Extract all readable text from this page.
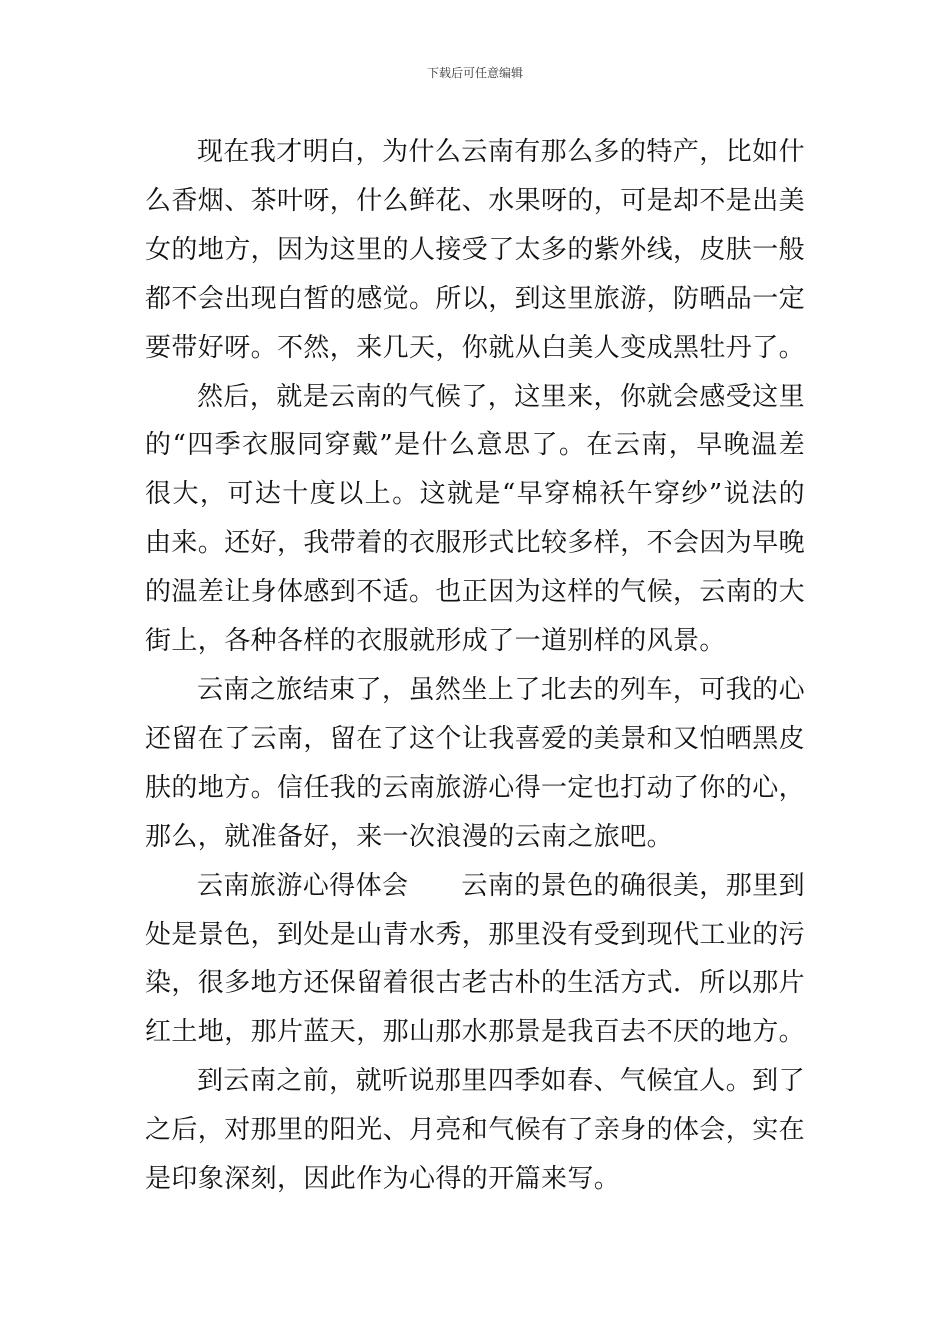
下载后可任意编辑

现在我才明白，为什么云南有那么多的特产，比如什么香烟、茶叶呀，什么鲜花、水果呀的，可是却不是出美女的地方，因为这里的人接受了太多的紫外线，皮肤一般都不会出现白皙的感觉。所以，到这里旅游，防晒品一定要带好呀。不然，来几天，你就从白美人变成黑牡丹了。

然后，就是云南的气候了，这里来，你就会感受这里的“四季衣服同穿戴”是什么意思了。在云南，早晚温差很大，可达十度以上。这就是“早穿棉袄午穿纱”说法的由来。还好，我带着的衣服形式比较多样，不会因为早晚的温差让身体感到不适。也正因为这样的气候，云南的大街上，各种各样的衣服就形成了一道别样的风景。

云南之旅结束了，虽然坐上了北去的列车，可我的心还留在了云南，留在了这个让我喜爱的美景和又怕晒黑皮肤的地方。信任我的云南旅游心得一定也打动了你的心，那么，就准备好，来一次浪漫的云南之旅吧。

云南旅游心得体会　　云南的景色的确很美，那里到处是景色，到处是山青水秀，那里没有受到现代工业的污染，很多地方还保留着很古老古朴的生活方式．所以那片红土地，那片蓝天，那山那水那景是我百去不厌的地方。

到云南之前，就听说那里四季如春、气候宜人。到了之后，对那里的阳光、月亮和气候有了亲身的体会，实在是印象深刻，因此作为心得的开篇来写。
